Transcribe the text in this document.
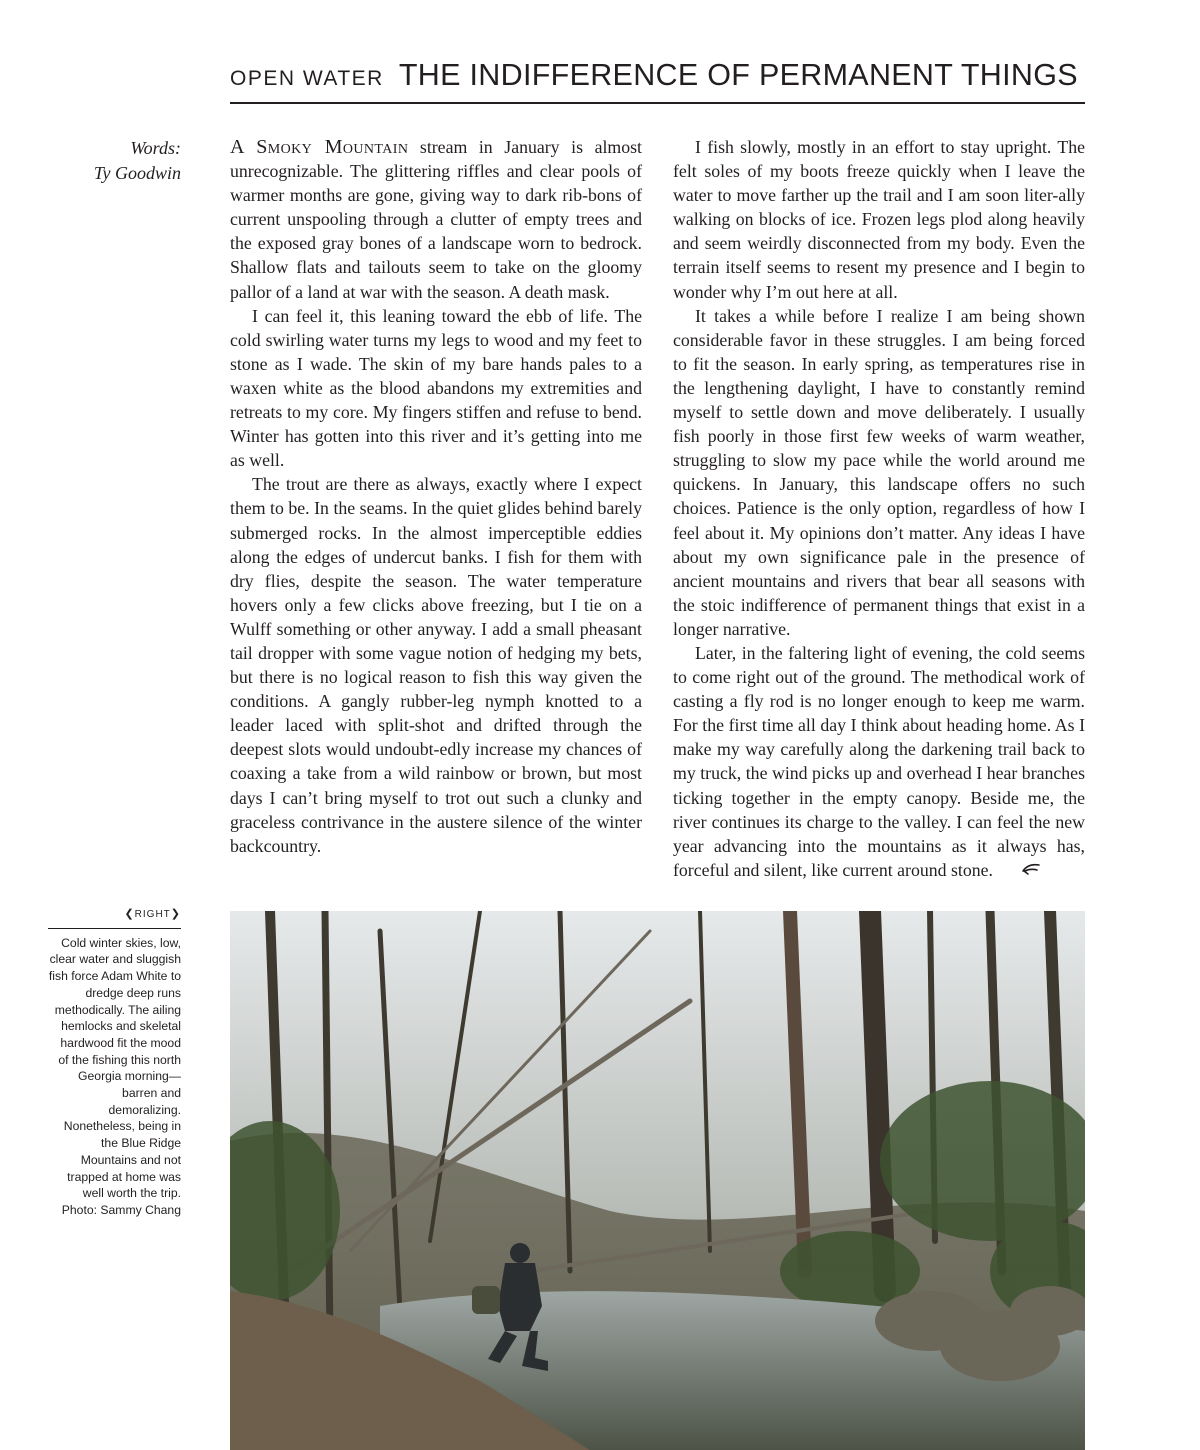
OPEN WATER THE INDIFFERENCE OF PERMANENT THINGS
Words:
Ty Goodwin

A Smoky Mountain stream in January is almost unrecognizable. The glittering riffles and clear pools of warmer months are gone, giving way to dark rib-bons of current unspooling through a clutter of empty trees and the exposed gray bones of a landscape worn to bedrock. Shallow flats and tailouts seem to take on the gloomy pallor of a land at war with the season. A death mask.

I can feel it, this leaning toward the ebb of life. The cold swirling water turns my legs to wood and my feet to stone as I wade. The skin of my bare hands pales to a waxen white as the blood abandons my extremities and retreats to my core. My fingers stiffen and refuse to bend. Winter has gotten into this river and it’s getting into me as well.

The trout are there as always, exactly where I expect them to be. In the seams. In the quiet glides behind barely submerged rocks. In the almost imperceptible eddies along the edges of undercut banks. I fish for them with dry flies, despite the season. The water temperature hovers only a few clicks above freezing, but I tie on a Wulff something or other anyway. I add a small pheasant tail dropper with some vague notion of hedging my bets, but there is no logical reason to fish this way given the conditions. A gangly rubber-leg nymph knotted to a leader laced with split-shot and drifted through the deepest slots would undoubt-edly increase my chances of coaxing a take from a wild rainbow or brown, but most days I can’t bring myself to trot out such a clunky and graceless contrivance in the austere silence of the winter backcountry.

I fish slowly, mostly in an effort to stay upright. The felt soles of my boots freeze quickly when I leave the water to move farther up the trail and I am soon liter-ally walking on blocks of ice. Frozen legs plod along heavily and seem weirdly disconnected from my body. Even the terrain itself seems to resent my presence and I begin to wonder why I’m out here at all.

It takes a while before I realize I am being shown considerable favor in these struggles. I am being forced to fit the season. In early spring, as temperatures rise in the lengthening daylight, I have to constantly remind myself to settle down and move deliberately. I usually fish poorly in those first few weeks of warm weather, struggling to slow my pace while the world around me quickens. In January, this landscape offers no such choices. Patience is the only option, regardless of how I feel about it. My opinions don’t matter. Any ideas I have about my own significance pale in the presence of ancient mountains and rivers that bear all seasons with the stoic indifference of permanent things that exist in a longer narrative.

Later, in the faltering light of evening, the cold seems to come right out of the ground. The methodical work of casting a fly rod is no longer enough to keep me warm. For the first time all day I think about heading home. As I make my way carefully along the darkening trail back to my truck, the wind picks up and overhead I hear branches ticking together in the empty canopy. Beside me, the river continues its charge to the valley. I can feel the new year advancing into the mountains as it always has, forceful and silent, like current around stone.

❮RIGHT❯
Cold winter skies, low, clear water and sluggish fish force Adam White to dredge deep runs methodically. The ailing hemlocks and skeletal hardwood fit the mood of the fishing this north Georgia morning—barren and demoralizing. Nonetheless, being in the Blue Ridge Mountains and not trapped at home was well worth the trip. Photo: Sammy Chang
